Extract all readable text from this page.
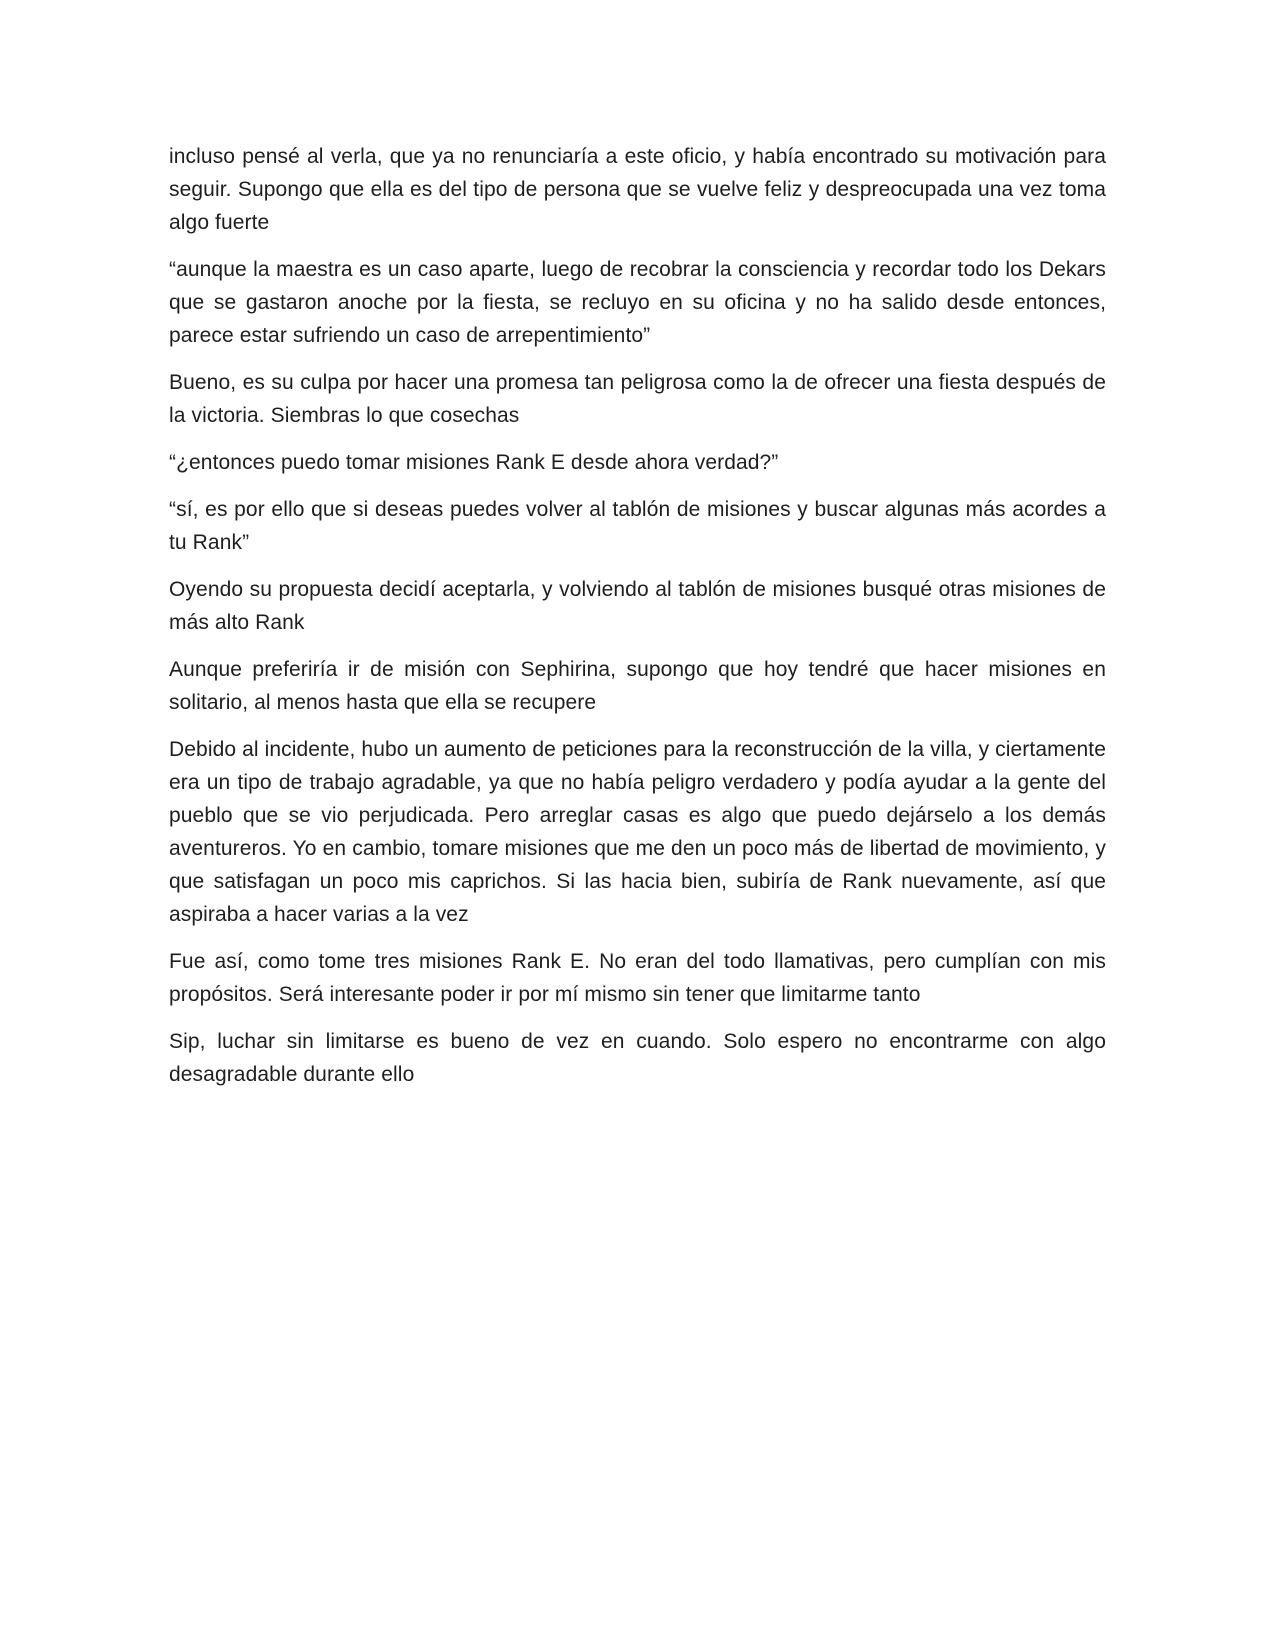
incluso pensé al verla, que ya no renunciaría a este oficio, y había encontrado su motivación para seguir. Supongo que ella es del tipo de persona que se vuelve feliz y despreocupada una vez toma algo fuerte

“aunque la maestra es un caso aparte, luego de recobrar la consciencia y recordar todo los Dekars que se gastaron anoche por la fiesta, se recluyo en su oficina y no ha salido desde entonces, parece estar sufriendo un caso de arrepentimiento”

Bueno, es su culpa por hacer una promesa tan peligrosa como la de ofrecer una fiesta después de la victoria. Siembras lo que cosechas

“¿entonces puedo tomar misiones Rank E desde ahora verdad?”

“sí, es por ello que si deseas puedes volver al tablón de misiones y buscar algunas más acordes a tu Rank”

Oyendo su propuesta decidí aceptarla, y volviendo al tablón de misiones busqué otras misiones de más alto Rank

Aunque preferiría ir de misión con Sephirina, supongo que hoy tendré que hacer misiones en solitario, al menos hasta que ella se recupere

Debido al incidente, hubo un aumento de peticiones para la reconstrucción de la villa, y ciertamente era un tipo de trabajo agradable, ya que no había peligro verdadero y podía ayudar a la gente del pueblo que se vio perjudicada. Pero arreglar casas es algo que puedo dejárselo a los demás aventureros. Yo en cambio, tomare misiones que me den un poco más de libertad de movimiento, y que satisfagan un poco mis caprichos. Si las hacia bien, subiría de Rank nuevamente, así que aspiraba a hacer varias a la vez

Fue así, como tome tres misiones Rank E. No eran del todo llamativas, pero cumplían con mis propósitos. Será interesante poder ir por mí mismo sin tener que limitarme tanto

Sip, luchar sin limitarse es bueno de vez en cuando. Solo espero no encontrarme con algo desagradable durante ello
